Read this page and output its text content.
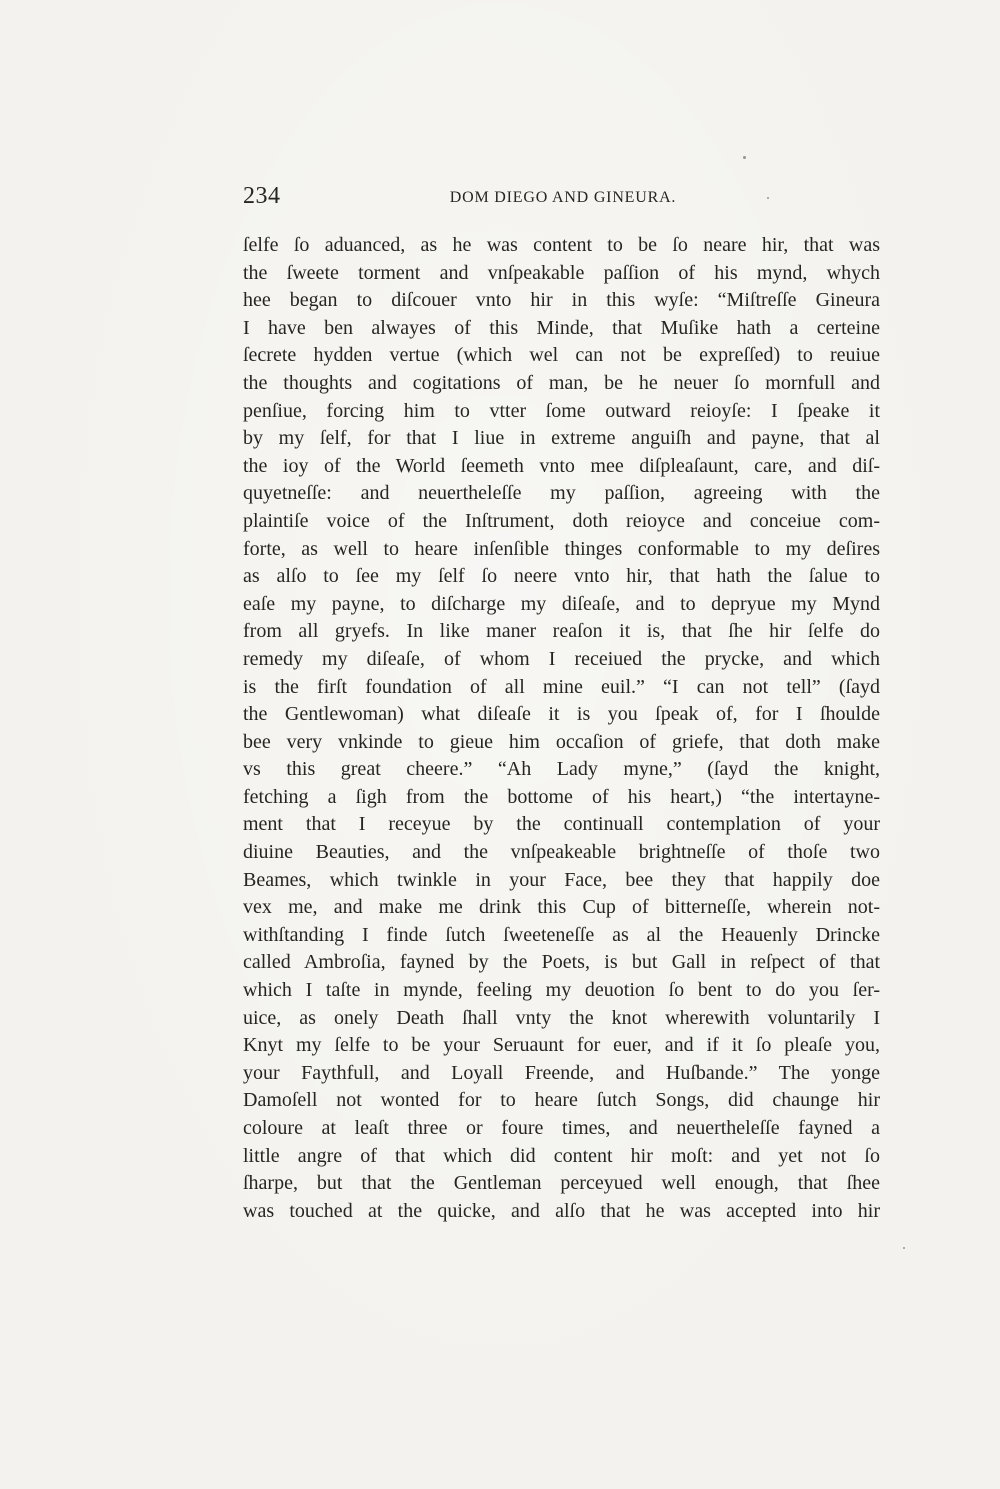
234	DOM DIEGO AND GINEURA.
ſelfe ſo aduanced, as he was content to be ſo neare hir, that was
the ſweete torment and vnſpeakable paſſion of his mynd, whych
hee began to diſcouer vnto hir in this wyſe: “Miſtreſſe Gineura
I have ben alwayes of this Minde, that Muſike hath a certeine
ſecrete hydden vertue (which wel can not be expreſſed) to reuiue
the thoughts and cogitations of man, be he neuer ſo mornfull and
penſiue, forcing him to vtter ſome outward reioyſe: I ſpeake it
by my ſelf, for that I liue in extreme anguiſh and payne, that al
the ioy of the World ſeemeth vnto mee diſpleaſaunt, care, and diſ-
quyetneſſe: and neuertheleſſe my paſſion, agreeing with the
plaintiſe voice of the Inſtrument, doth reioyce and conceiue com-
forte, as well to heare inſenſible thinges conformable to my deſires
as alſo to ſee my ſelf ſo neere vnto hir, that hath the ſalue to
eaſe my payne, to diſcharge my diſeaſe, and to depryue my Mynd
from all gryefs. In like maner reaſon it is, that ſhe hir ſelfe do
remedy my diſeaſe, of whom I receiued the prycke, and which
is the firſt foundation of all mine euil.” “I can not tell” (ſayd
the Gentlewoman) what diſeaſe it is you ſpeak of, for I ſhoulde
bee very vnkinde to gieue him occaſion of griefe, that doth make
vs this great cheere.” “Ah Lady myne,” (ſayd the knight,
fetching a ſigh from the bottome of his heart,) “the intertayne-
ment that I receyue by the continuall contemplation of your
diuine Beauties, and the vnſpeakeable brightneſſe of thoſe two
Beames, which twinkle in your Face, bee they that happily doe
vex me, and make me drink this Cup of bitterneſſe, wherein not-
withſtanding I finde ſutch ſweeteneſſe as al the Heauenly Drincke
called Ambroſia, fayned by the Poets, is but Gall in reſpect of that
which I taſte in mynde, feeling my deuotion ſo bent to do you ſer-
uice, as onely Death ſhall vnty the knot wherewith voluntarily I
Knyt my ſelfe to be your Seruaunt for euer, and if it ſo pleaſe you,
your Faythfull, and Loyall Freende, and Huſbande.” The yonge
Damoſell not wonted for to heare ſutch Songs, did chaunge hir
coloure at leaſt three or foure times, and neuertheleſſe fayned a
little angre of that which did content hir moſt: and yet not ſo
ſharpe, but that the Gentleman perceyued well enough, that ſhee
was touched at the quicke, and alſo that he was accepted into hir
